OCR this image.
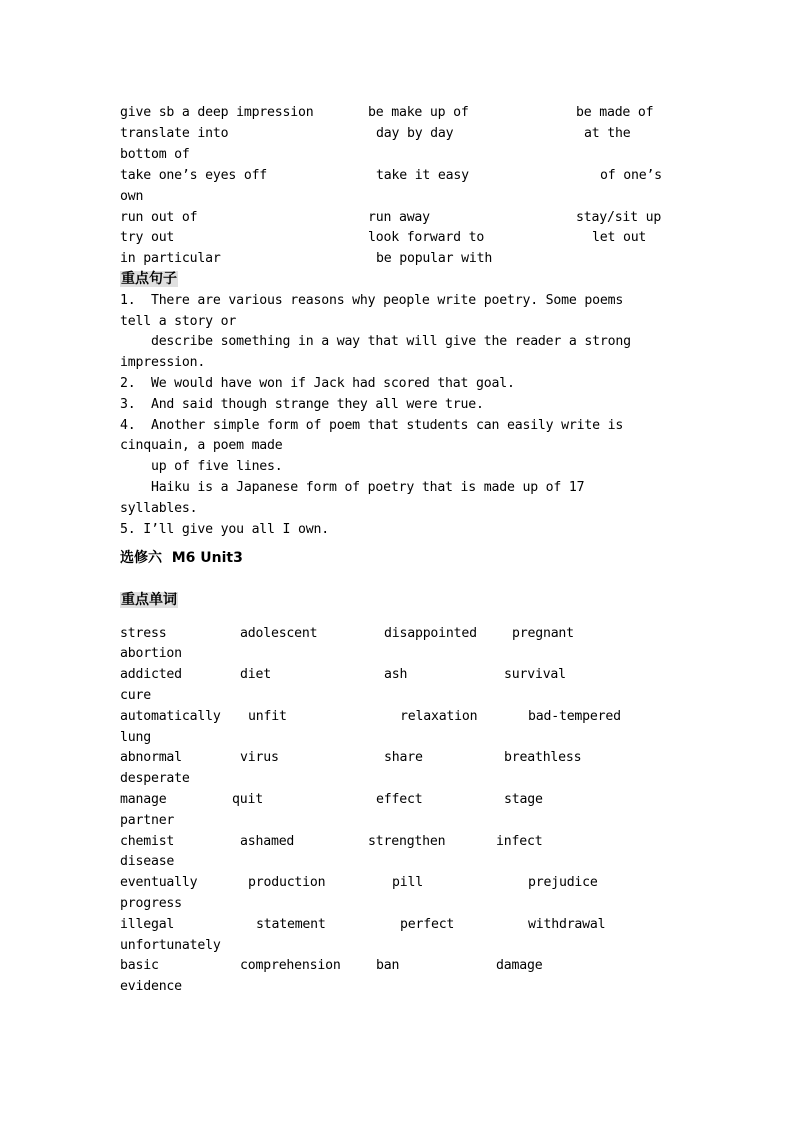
give sb a deep impression	be make up of	be made of
translate into	day by day	at the
bottom of
take one’s eyes off	take it easy	of one’s
own
run out of	run away	stay/sit up
try out	look forward to	let out
in particular	be popular with
重点句子
1.  There are various reasons why people write poetry. Some poems
tell a story or
describe something in a way that will give the reader a strong
impression.
2.  We would have won if Jack had scored that goal.
3.  And said though strange they all were true.
4.  Another simple form of poem that students can easily write is
cinquain, a poem made
up of five lines.
Haiku is a Japanese form of poetry that is made up of 17
syllables.
5. I’ll give you all I own.
选修六  M6 Unit3
重点单词
stress	adolescent	disappointed	pregnant
abortion
addicted	diet	ash	survival
cure
automatically unfit	relaxation	bad-tempered
lung
abnormal	virus	share	breathless
desperate
manage	quit	effect	stage
partner
chemist	ashamed	strengthen	infect
disease
eventually	production	pill	prejudice
progress
illegal	statement	perfect	withdrawal
unfortunately
basic	comprehension	ban	damage
evidence
